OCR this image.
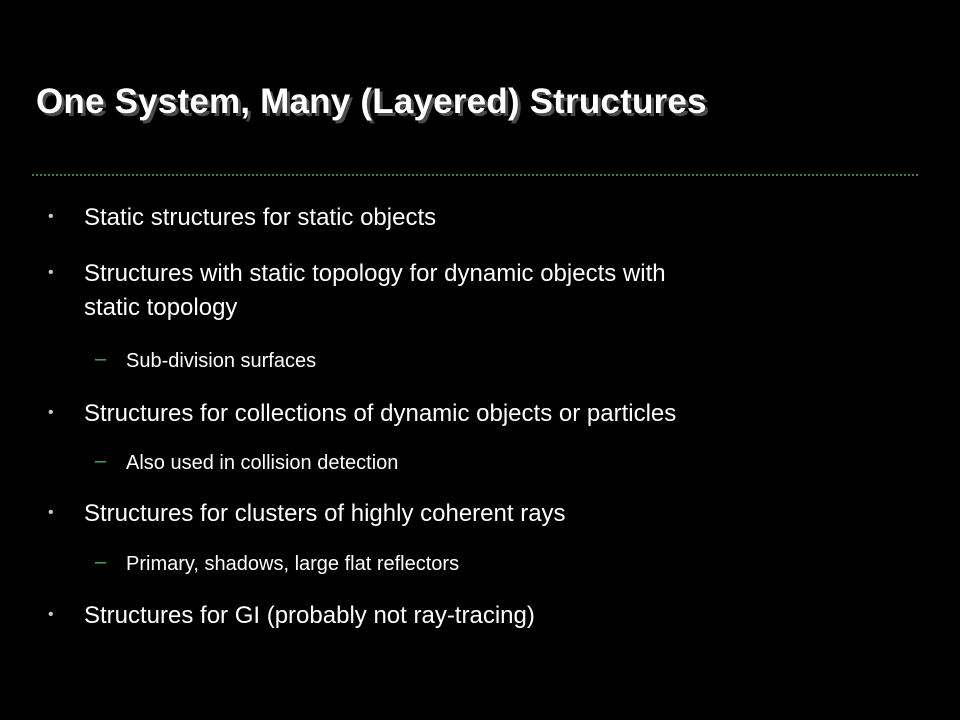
One System, Many (Layered) Structures
• Static structures for static objects
• Structures with static topology for dynamic objects with
static topology
– Sub-division surfaces
• Structures for collections of dynamic objects or particles
– Also used in collision detection
• Structures for clusters of highly coherent rays
– Primary, shadows, large flat reflectors
• Structures for GI (probably not ray-tracing)
